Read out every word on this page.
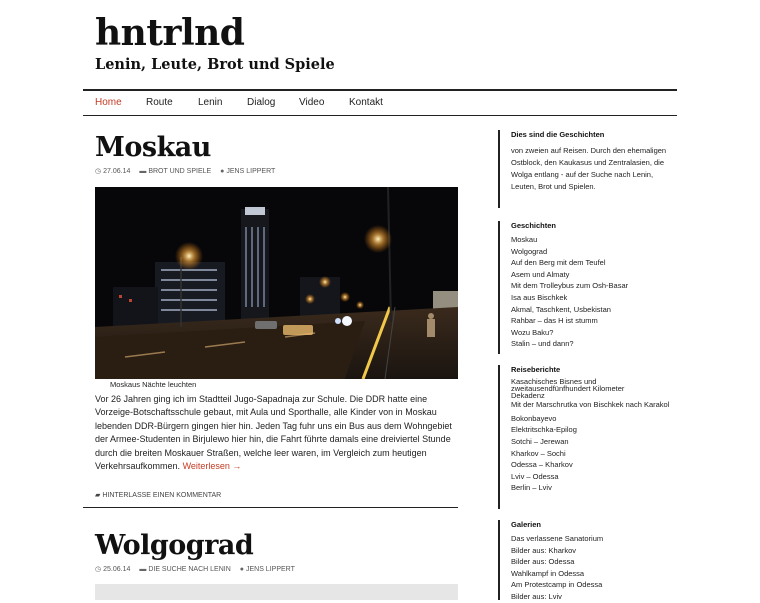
hntrlnd
Lenin, Leute, Brot und Spiele
Home Route	Lenin Dialog Video Kontakt
Moskau
◷ 27.06.14 ▬ BROT UND SPIELE ● JENS LIPPERT
Moskaus Nächte leuchten
Vor 26 Jahren ging ich im Stadtteil Jugo-Sapadnaja zur Schule. Die DDR hatte eine Vorzeige-Botschaftsschule gebaut, mit Aula und Sporthalle, alle Kinder von in Moskau lebenden DDR-Bürgern gingen hier hin. Jeden Tag fuhr uns ein Bus aus dem Wohngebiet der Armee-Studenten in Birjulewo hier hin, die Fahrt führte damals eine dreiviertel Stunde durch die breiten Moskauer Straßen, welche leer waren, im Vergleich zum heutigen Verkehrsaufkommen. Weiterlesen →
▰ HINTERLASSE EINEN KOMMENTAR
Wolgograd
◷ 25.06.14 ▬ DIE SUCHE NACH LENIN ● JENS LIPPERT
Dies sind die Geschichten
von zweien auf Reisen. Durch den ehemaligen Ostblock, den Kaukasus und Zentralasien, die Wolga entlang - auf der Suche nach Lenin, Leuten, Brot und Spielen.
Geschichten
Moskau
Wolgograd
Auf den Berg mit dem Teufel
Asem und Almaty
Mit dem Trolleybus zum Osh-Basar
Isa aus Bischkek
Akmal, Taschkent, Usbekistan
Rahbar – das H ist stumm
Wozu Baku?
Stalin – und dann?
Reiseberichte
Kasachisches Bisnes und zweitausendfünfhundert Kilometer
Dekadenz
Mit der Marschrutka von Bischkek nach Karakol
Bokonbayevo
Elektritschka-Epilog
Sotchi – Jerewan
Kharkov – Sochi
Odessa – Kharkov
Lviv – Odessa
Berlin – Lviv
Galerien
Das verlassene Sanatorium
Bilder aus: Kharkov
Bilder aus: Odessa
Wahlkampf in Odessa
Am Protestcamp in Odessa
Bilder aus: Lviv
